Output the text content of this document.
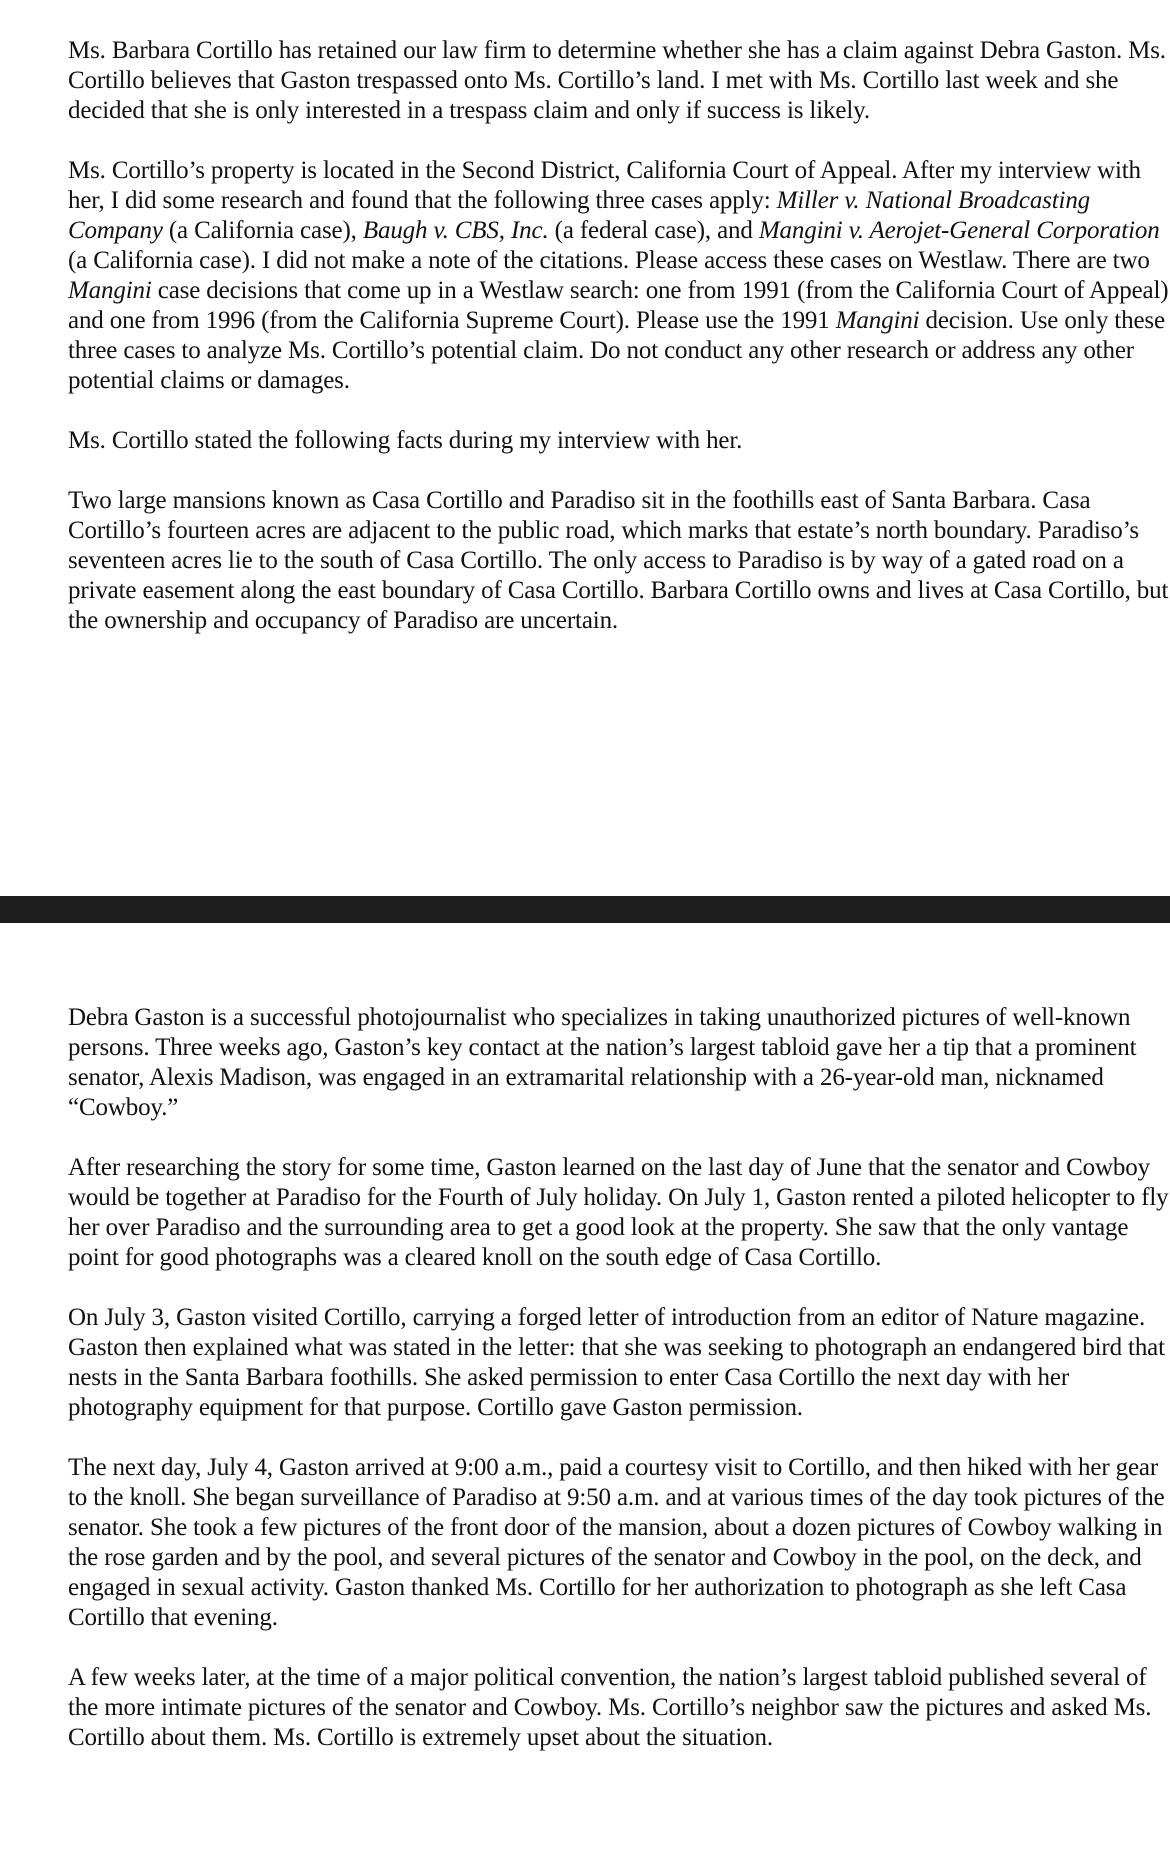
Ms. Barbara Cortillo has retained our law firm to determine whether she has a claim against Debra Gaston. Ms. Cortillo believes that Gaston trespassed onto Ms. Cortillo’s land. I met with Ms. Cortillo last week and she decided that she is only interested in a trespass claim and only if success is likely.

Ms. Cortillo’s property is located in the Second District, California Court of Appeal. After my interview with her, I did some research and found that the following three cases apply: Miller v. National Broadcasting Company (a California case), Baugh v. CBS, Inc. (a federal case), and Mangini v. Aerojet-General Corporation (a California case). I did not make a note of the citations. Please access these cases on Westlaw. There are two Mangini case decisions that come up in a Westlaw search: one from 1991 (from the California Court of Appeal) and one from 1996 (from the California Supreme Court). Please use the 1991 Mangini decision. Use only these three cases to analyze Ms. Cortillo’s potential claim. Do not conduct any other research or address any other potential claims or damages.

Ms. Cortillo stated the following facts during my interview with her.

Two large mansions known as Casa Cortillo and Paradiso sit in the foothills east of Santa Barbara. Casa Cortillo’s fourteen acres are adjacent to the public road, which marks that estate’s north boundary. Paradiso’s seventeen acres lie to the south of Casa Cortillo. The only access to Paradiso is by way of a gated road on a private easement along the east boundary of Casa Cortillo. Barbara Cortillo owns and lives at Casa Cortillo, but the ownership and occupancy of Paradiso are uncertain.

Debra Gaston is a successful photojournalist who specializes in taking unauthorized pictures of well-known persons. Three weeks ago, Gaston’s key contact at the nation’s largest tabloid gave her a tip that a prominent senator, Alexis Madison, was engaged in an extramarital relationship with a 26-year-old man, nicknamed “Cowboy.”

After researching the story for some time, Gaston learned on the last day of June that the senator and Cowboy would be together at Paradiso for the Fourth of July holiday. On July 1, Gaston rented a piloted helicopter to fly her over Paradiso and the surrounding area to get a good look at the property. She saw that the only vantage point for good photographs was a cleared knoll on the south edge of Casa Cortillo.

On July 3, Gaston visited Cortillo, carrying a forged letter of introduction from an editor of Nature magazine. Gaston then explained what was stated in the letter: that she was seeking to photograph an endangered bird that nests in the Santa Barbara foothills. She asked permission to enter Casa Cortillo the next day with her photography equipment for that purpose. Cortillo gave Gaston permission.

The next day, July 4, Gaston arrived at 9:00 a.m., paid a courtesy visit to Cortillo, and then hiked with her gear to the knoll. She began surveillance of Paradiso at 9:50 a.m. and at various times of the day took pictures of the senator. She took a few pictures of the front door of the mansion, about a dozen pictures of Cowboy walking in the rose garden and by the pool, and several pictures of the senator and Cowboy in the pool, on the deck, and engaged in sexual activity. Gaston thanked Ms. Cortillo for her authorization to photograph as she left Casa Cortillo that evening.

A few weeks later, at the time of a major political convention, the nation’s largest tabloid published several of the more intimate pictures of the senator and Cowboy. Ms. Cortillo’s neighbor saw the pictures and asked Ms. Cortillo about them. Ms. Cortillo is extremely upset about the situation.
